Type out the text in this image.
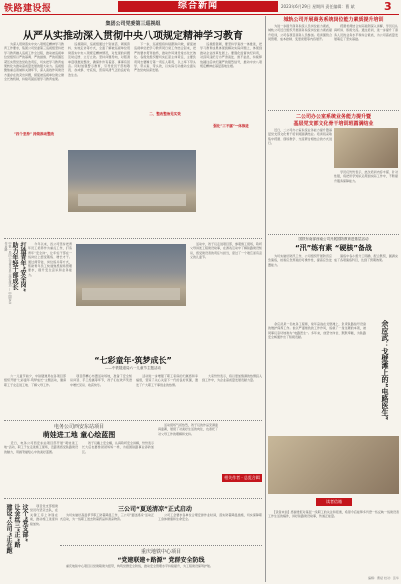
铁路建设报	综合新闻	2023年6月29日 星期四 责任编辑：曹 斌	3
集团公司党委第三巡视组
从严从实推动深入贯彻中央八项规定精神学习教育
　　为深入贯彻落实中央八项规定精神学习教育工作要求，集团公司党委第三巡视组坚持把学习教育融入巡视工作全过程，推动被巡视单位党组织以严的基调、严的措施、严的氛围压紧压实管党治党政治责任，切实把学习教育成果转化为推动高质量发展的强大动力。巡视组聚焦重点领域和关键环节，深入查找作风建设方面存在的突出问题，督促被巡视单位建立健全长效机制，持续巩固拓展学习教育成果。
　　巡视期间，巡视组通过个别谈话、调阅资料、实地走访等方式，全面了解被巡视单位贯彻落实中央八项规定精神情况，对发现的问题及时反馈、立行立改。坚持问题导向，对照清单逐项推进整改，确保件件有着落、事事有回音。同时加强警示教育，引导党员干部知敬畏、存戒惧、守底线，营造风清气正的良好政治生态。
　　下一步，巡视组将持续跟踪问效，督促被巡视单位把学习教育同日常工作结合起来，把严的要求贯穿始终，推动作风建设常态化长效化。各级党组织要切实扛起主体责任，主要负责同志要履行第一责任人职责，以上率下带头学、带头查、带头改，以实际行动推动全面从严治党向纵深发展。
　　巡视组强调，要坚持学查改一体推进，把学习教育成果体现到解决实际问题上，体现到推动企业改革发展上。要强化监督执纪问责，对顶风违纪行为严肃查处、绝不姑息，持续释放越往后执纪越严的强烈信号，推动中央八项规定精神在基层落地生根。
二、整改整治见实效
“四个坚持” 持续推动整改
强化“三不腐”一体推进
打造青年“安全岗”
助力年轻干部成长
中铁一局四公司青年员工岗位建功 — 中国安全作业路	　　今年以来，四公司坚持把青年员工培养作为重点工作，打造青年“安全岗”，让年轻干部在一线岗位上经受锻炼、增长才干。通过师带徒、岗位练兵等方式，帮助青年员工快速熟悉现场管理要求，提升安全意识和业务能力。
　　活动中，孩子们走进项目部，参观施工现场，聆听父母讲述工程建设故事，在游戏互动中了解铁路建设知识，感受建设者的责任与担当，度过了一个难忘而有意义的儿童节。
“七彩童年·筑梦成长”
——中铁隧道局六一儿童节主题活动
　　六一儿童节前夕，中铁隧道局在各项目部组织开展“七彩童年·筑梦成长”主题活动，邀请职工子女走进工地、了解父母工作。
　　项目部精心布置活动场地，准备了安全知识问答、手工绘画等环节，孩子们在欢声笑语中增长见识、收获快乐。
　　活动进一步增强了职工家庭的归属感和幸福感，营造了关心关爱下一代的良好氛围，激发了广大职工干事创业的热情。
　　大家纷纷表示，将以更加饱满的热情投入到工作中，为企业高质量发展贡献力量。
电务公司西安东站项目
萌娃进工地 童心绘蓝图
　　近日，电务公司西安东站项目部开展“萌娃进工地”活动，职工子女走进施工现场，近距离感受铁路建设的魅力，用画笔描绘心中的美好蓝图。
　　孩子们戴上安全帽，认真聆听安全讲解，纷纷表示长大后也要像爸爸妈妈一样，为祖国铁路事业添砖加瓦。
　　活动现场气氛热烈，孩子们的作品充满童真童趣，展现了对美好生活的向往，也寄托了对父母工作的理解和支持。
相关作者 · 总览合辑
三公司“夏送清凉”正式启动
　　为切实做好高温季节职工防暑降温工作，三公司“夏送清凉”活动正式启动，为一线职工送去防暑药品和清凉物资。
　　公司工会要求各单位合理安排作业时间，落实防暑降温措施，切实保障职工身体健康和生命安全。
这个“党支部”
让金丝三“正”路
建设“公司”正在跑	　　项目党支部组建党员攻坚突击队，在关键工序上冲锋在前，推动施工进度持续加快。
重庆地铁中心项目
“党建联建+路源” 党群安全防线
　　重庆地铁中心项目以党建联建为纽带，构筑党群安全防线，推动安全管理水平持续提升，为工程建设保驾护航。
城轨公司开展商务系统岗位能力素质提升培训
　　为进一步提升商务系统人员岗位能力素质，城轨公司近日组织开展商务系统岗位能力素质提升培训，公司各项目商务人员参加。培训围绕合同管理、成本控制、变更索赔等内容展开。
　　授课老师结合实际案例深入讲解，学员们认真听讲、积极交流。通过培训，进一步提升了商务人员的业务水平和综合素质，为公司高质量发展奠定了坚实基础。
二公司办公室系统业务能力提升暨
基层党支部文化骨干培训班圆满结业
　　近日，二公司办公室系统业务能力提升暨基层党支部文化骨干培训班圆满结业。培训班采取集中授课、现场教学、交流研讨相结合的方式进行。
　　学员们纷纷表示，此次培训内容丰富、针对性强，将把所学知识运用到实际工作中，不断提升服务保障能力。
国铁东南部西南公司开展国防教育进基层活动
“汛”练有素 “硬核”备战
　　为切实做好防汛工作，公司组织开展防汛应急演练，检验应急预案的可操作性，提高应急处置能力。
　　演练中各小组分工明确、配合默契，圆满完成了各项演练科目，达到了预期效果。
　　余应武是一名电务工程师，常年奋战在戈壁滩上，负责铁路信号设备的维护保养工作。他以严谨细致的工作作风，练就了一身过硬的本领，被同事们亲切地称为“电路医生”。多年来，他坚守岗位、默默奉献，为铁路安全畅通作出了积极贡献。	余应武：戈壁滩上的“电路医生”
读者信箱
　　【读者来信】感谢贵报对基层一线职工的关注和报道，希望今后能够多刊登一些反映一线建设者工作生活的稿件，讲好铁路建设故事，传递正能量。
编辑：曹斌 校对：张华
